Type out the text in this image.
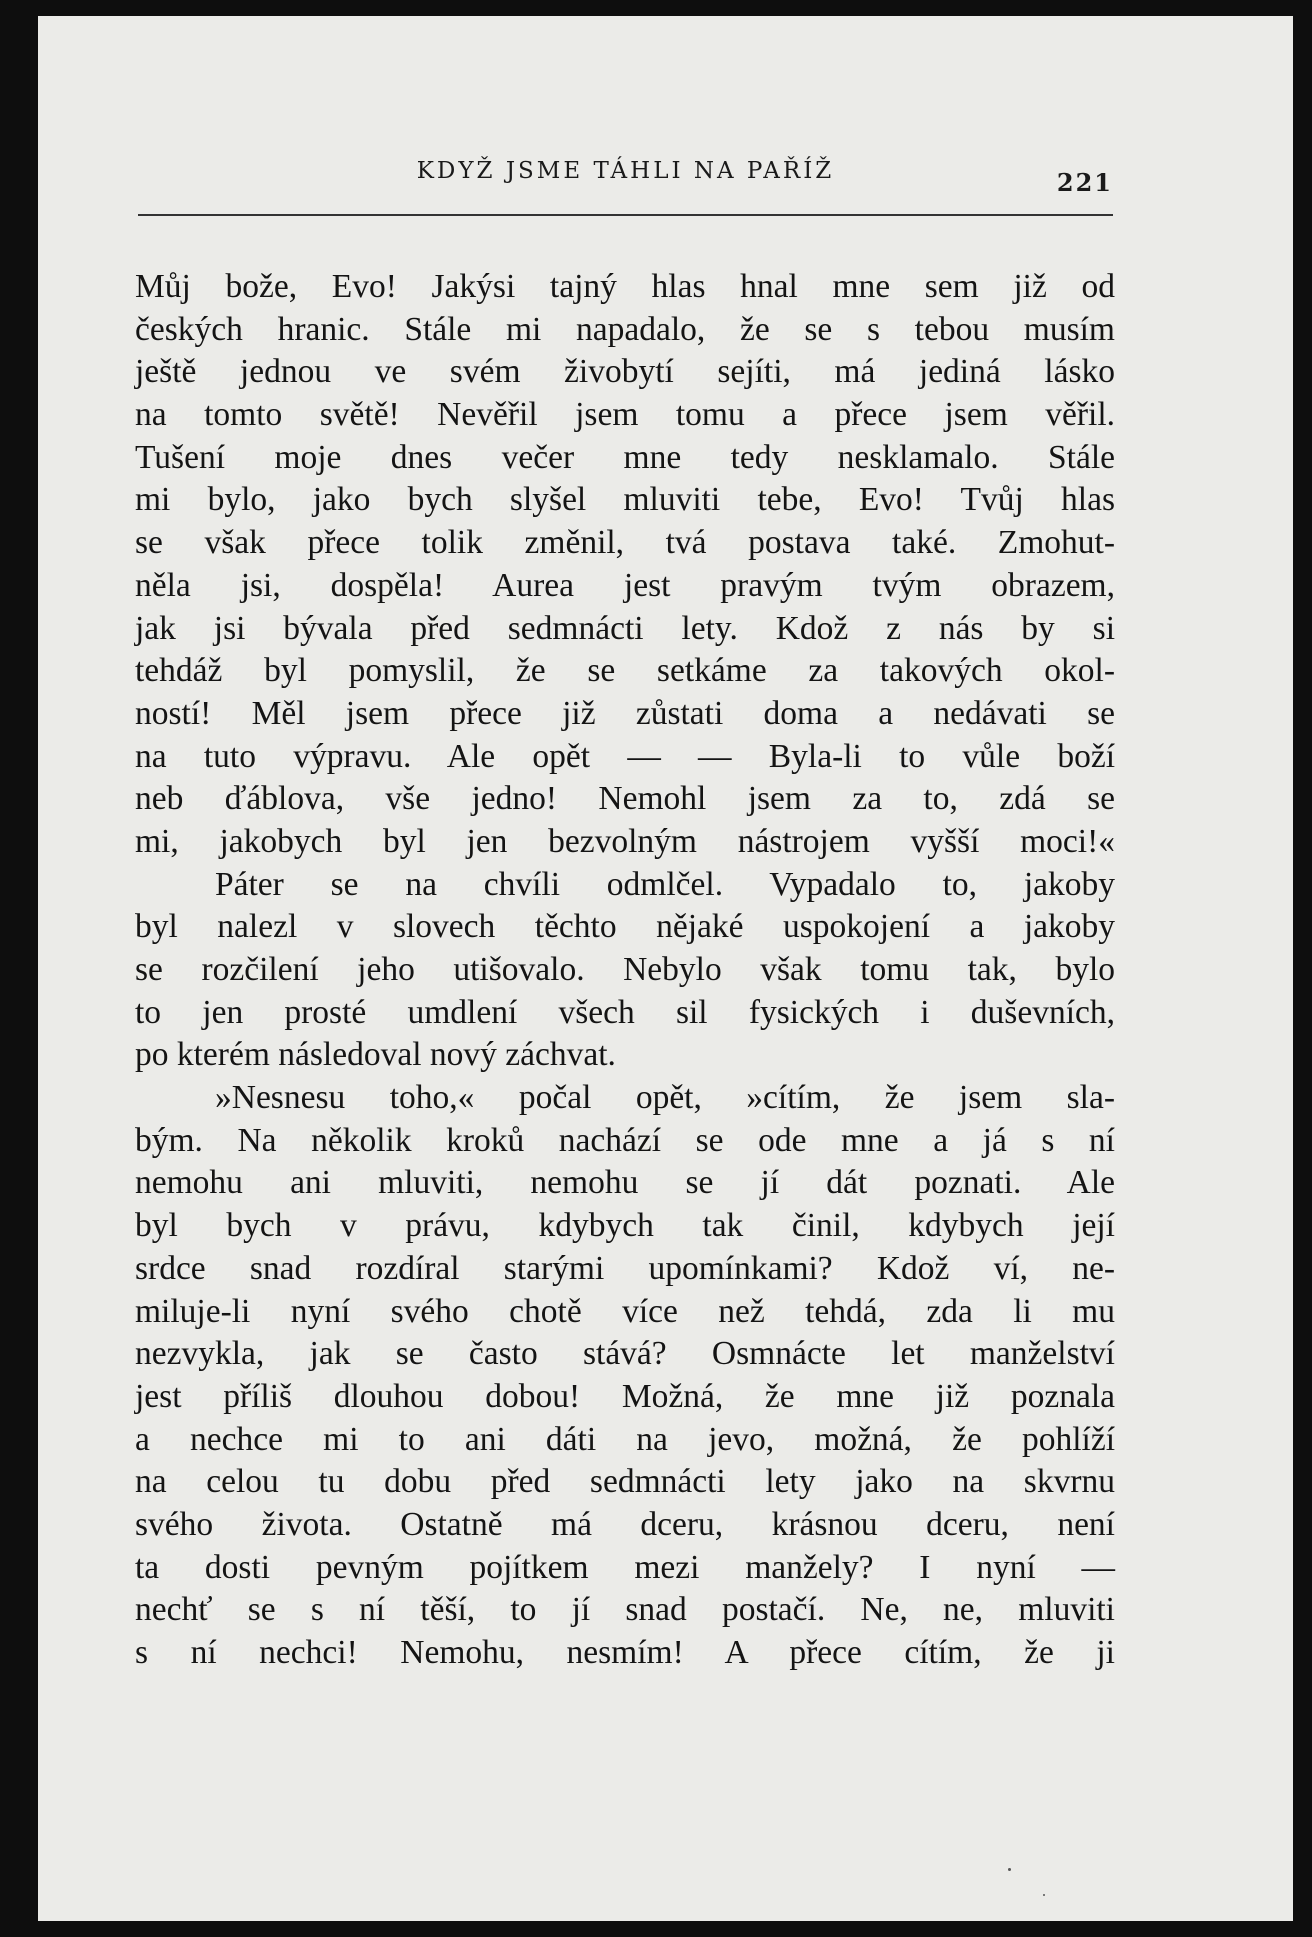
KDYŽ JSME TÁHLI NA PAŘÍŽ	221
Můj bože, Evo! Jakýsi tajný hlas hnal mne sem již od
českých hranic. Stále mi napadalo, že se s tebou musím
ještě jednou ve svém živobytí sejíti, má jediná lásko
na tomto světě! Nevěřil jsem tomu a přece jsem věřil.
Tušení moje dnes večer mne tedy nesklamalo. Stále
mi bylo, jako bych slyšel mluviti tebe, Evo! Tvůj hlas
se však přece tolik změnil, tvá postava také. Zmohut-
něla jsi, dospěla! Aurea jest pravým tvým obrazem,
jak jsi bývala před sedmnácti lety. Kdož z nás by si
tehdáž byl pomyslil, že se setkáme za takových okol-
ností! Měl jsem přece již zůstati doma a nedávati se
na tuto výpravu. Ale opět — — Byla-li to vůle boží
neb ďáblova, vše jedno! Nemohl jsem za to, zdá se
mi, jakobych byl jen bezvolným nástrojem vyšší moci!«
Páter se na chvíli odmlčel. Vypadalo to, jakoby
byl nalezl v slovech těchto nějaké uspokojení a jakoby
se rozčilení jeho utišovalo. Nebylo však tomu tak, bylo
to jen prosté umdlení všech sil fysických i duševních,
po kterém následoval nový záchvat.
»Nesnesu toho,« počal opět, »cítím, že jsem sla-
bým. Na několik kroků nachází se ode mne a já s ní
nemohu ani mluviti, nemohu se jí dát poznati. Ale
byl bych v právu, kdybych tak činil, kdybych její
srdce snad rozdíral starými upomínkami? Kdož ví, ne-
miluje-li nyní svého chotě více než tehdá, zda li mu
nezvykla, jak se často stává? Osmnácte let manželství
jest příliš dlouhou dobou! Možná, že mne již poznala
a nechce mi to ani dáti na jevo, možná, že pohlíží
na celou tu dobu před sedmnácti lety jako na skvrnu
svého života. Ostatně má dceru, krásnou dceru, není
ta dosti pevným pojítkem mezi manžely? I nyní —
nechť se s ní těší, to jí snad postačí. Ne, ne, mluviti
s ní nechci! Nemohu, nesmím! A přece cítím, že ji
